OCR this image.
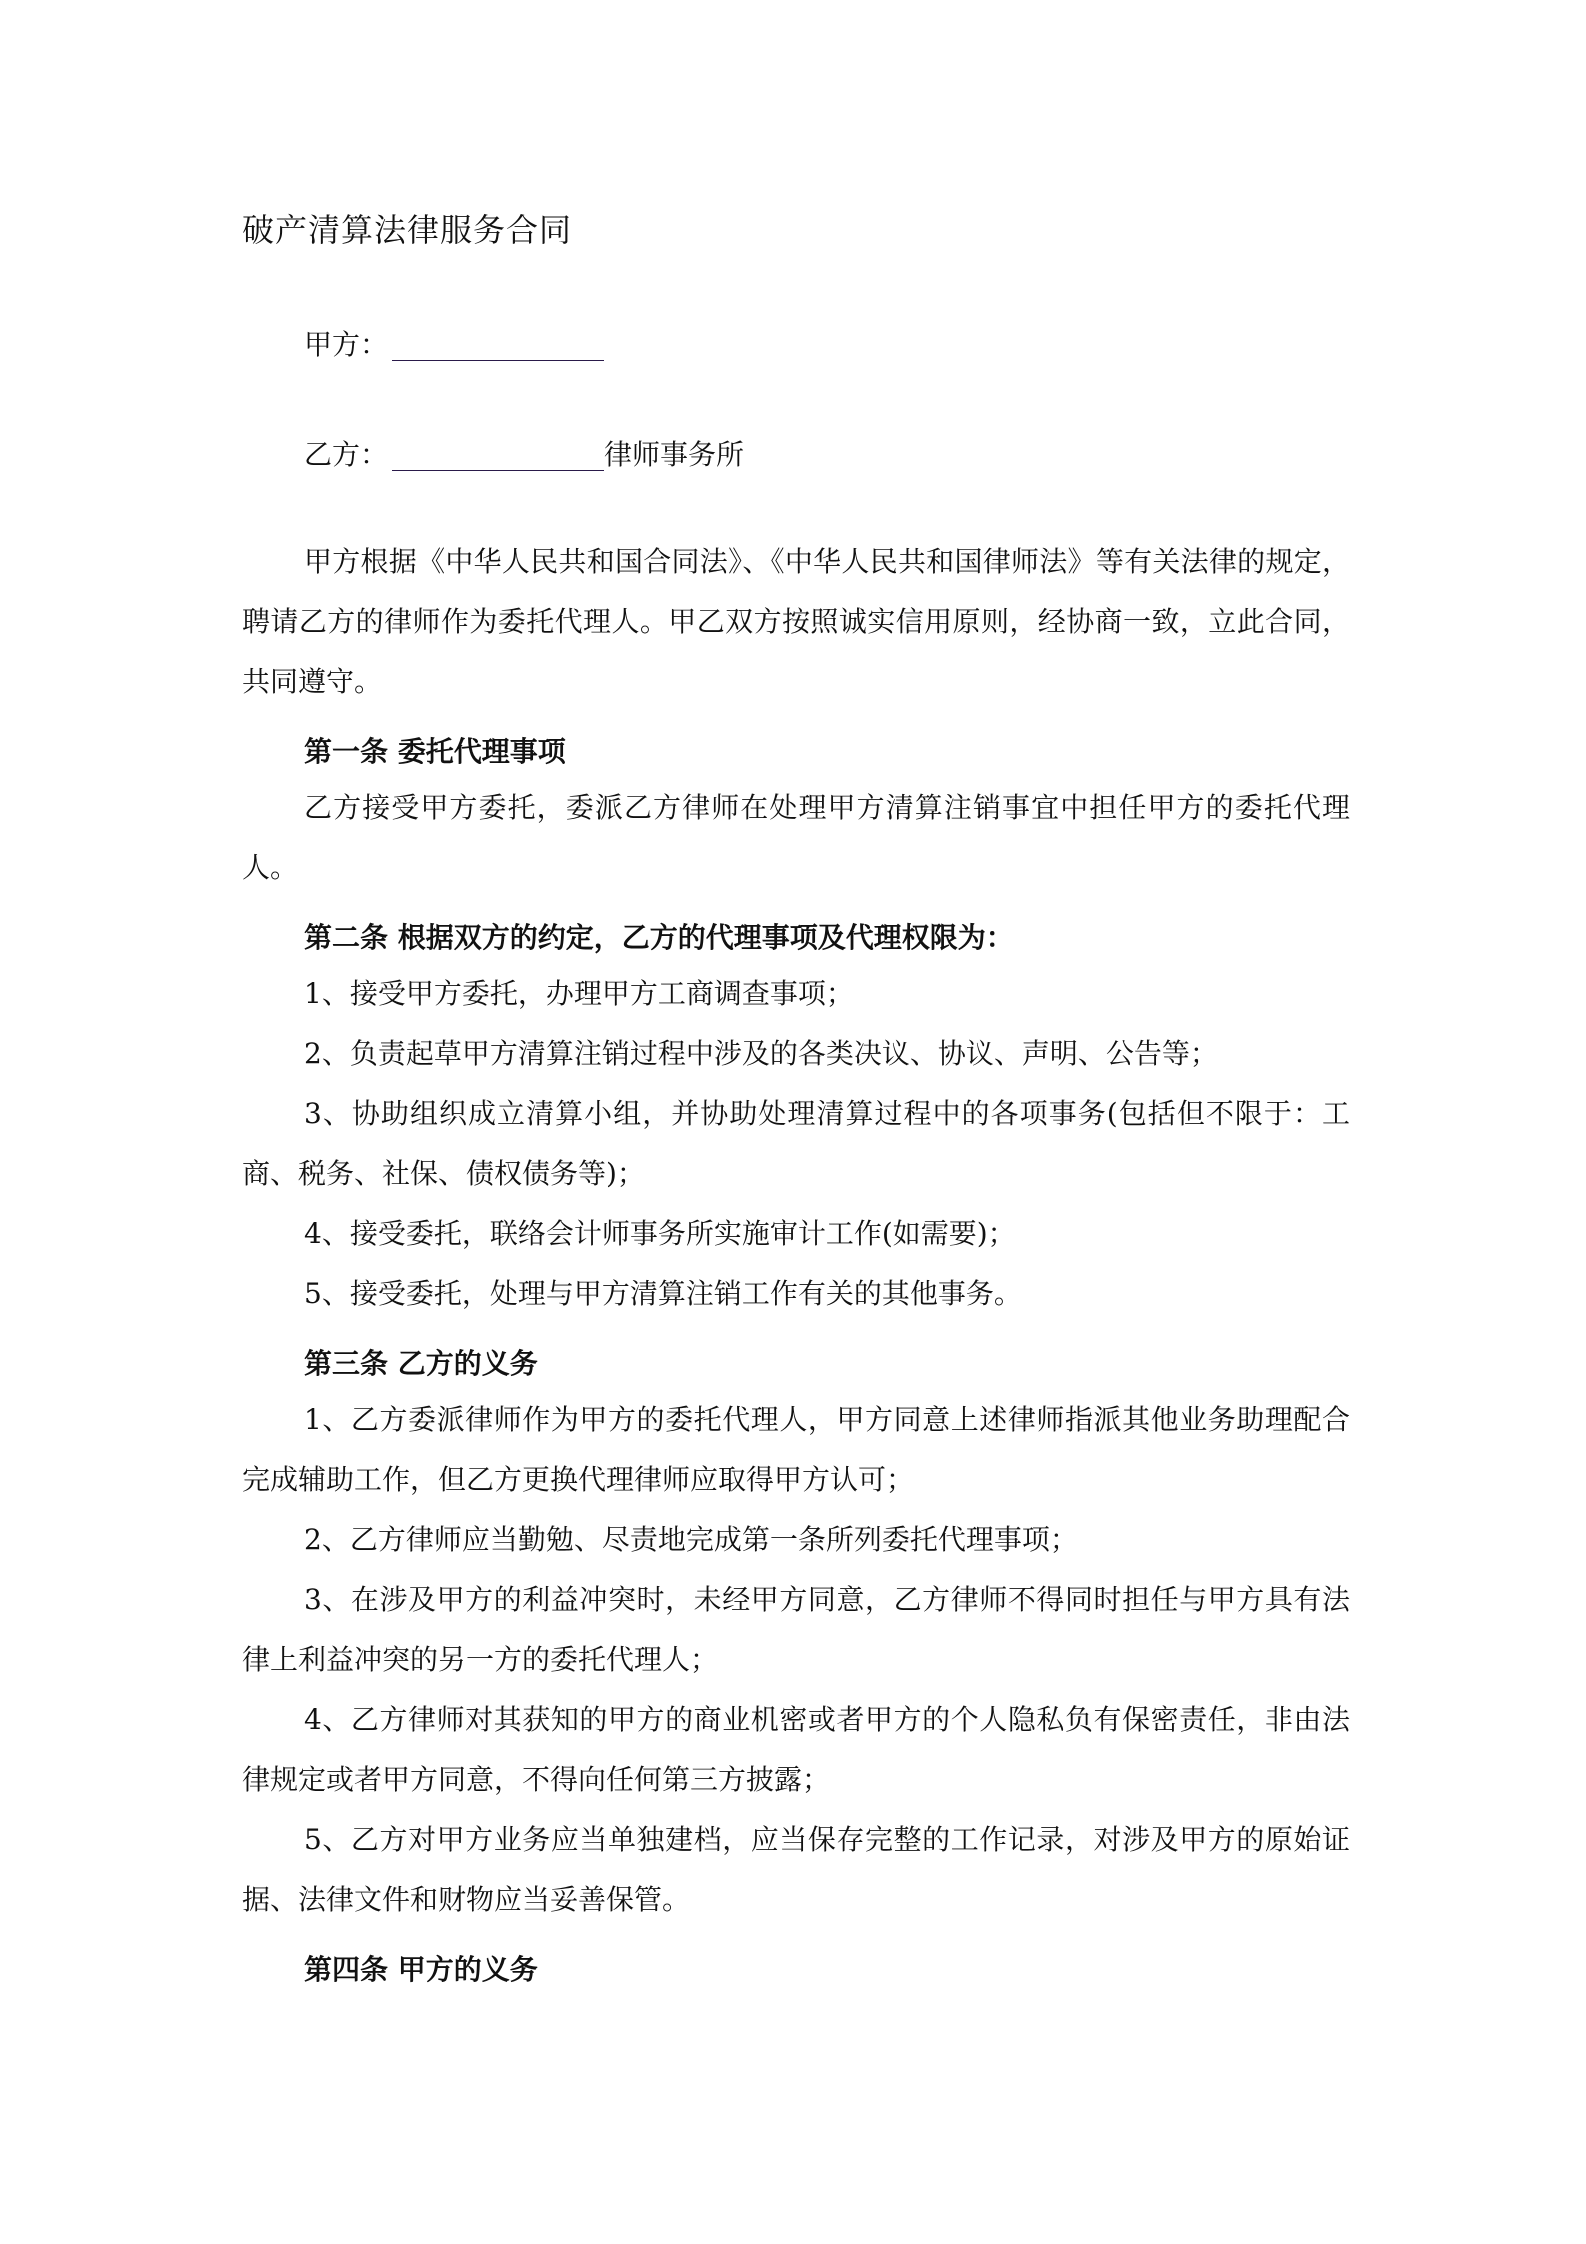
破产清算法律服务合同
甲方：
乙方：	律师事务所

甲方根据《中华人民共和国合同法》、《中华人民共和国律师法》等有关法律的规定，聘请乙方的律师作为委托代理人。甲乙双方按照诚实信用原则，经协商一致，立此合同，共同遵守。

第一条 委托代理事项

乙方接受甲方委托，委派乙方律师在处理甲方清算注销事宜中担任甲方的委托代理人。

第二条 根据双方的约定，乙方的代理事项及代理权限为：

1、接受甲方委托，办理甲方工商调查事项；

2、负责起草甲方清算注销过程中涉及的各类决议、协议、声明、公告等；

3、协助组织成立清算小组，并协助处理清算过程中的各项事务(包括但不限于：工商、税务、社保、债权债务等)；

4、接受委托，联络会计师事务所实施审计工作(如需要)；

5、接受委托，处理与甲方清算注销工作有关的其他事务。

第三条 乙方的义务

1、乙方委派律师作为甲方的委托代理人，甲方同意上述律师指派其他业务助理配合完成辅助工作，但乙方更换代理律师应取得甲方认可；

2、乙方律师应当勤勉、尽责地完成第一条所列委托代理事项；

3、在涉及甲方的利益冲突时，未经甲方同意，乙方律师不得同时担任与甲方具有法律上利益冲突的另一方的委托代理人；

4、乙方律师对其获知的甲方的商业机密或者甲方的个人隐私负有保密责任，非由法律规定或者甲方同意，不得向任何第三方披露；

5、乙方对甲方业务应当单独建档，应当保存完整的工作记录，对涉及甲方的原始证据、法律文件和财物应当妥善保管。

第四条 甲方的义务
